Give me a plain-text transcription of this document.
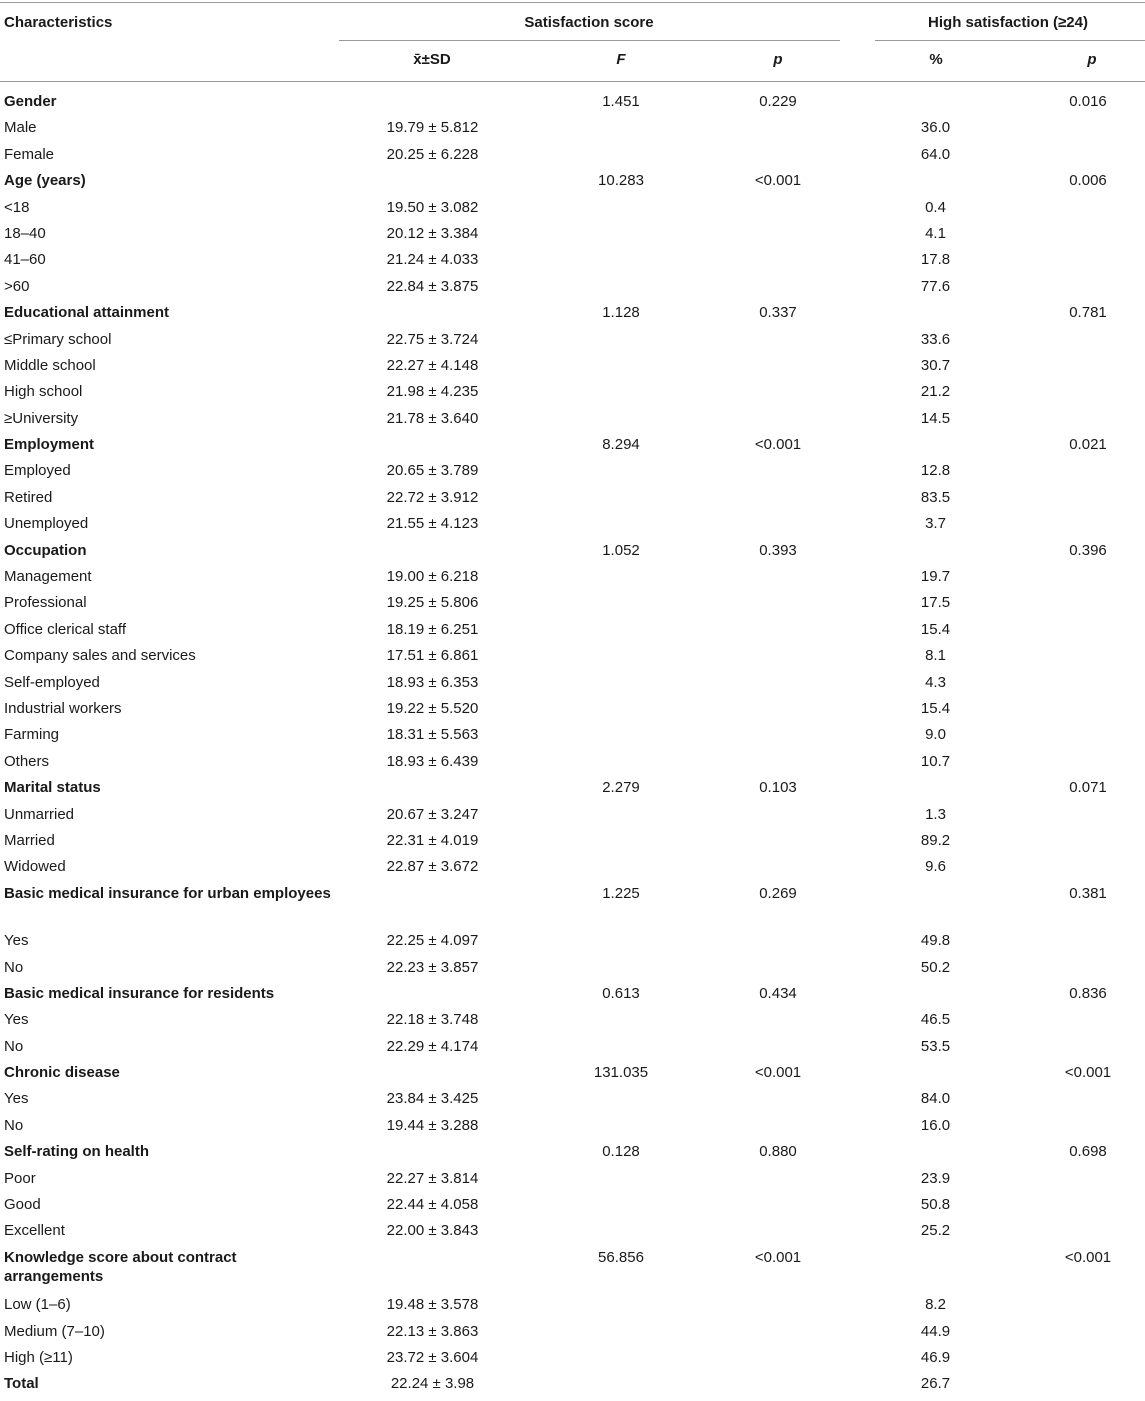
Characteristics	Satisfaction score	High satisfaction (≥24)
x̄±SD	F	p	%	p
Gender		1.451	0.229		0.016
Male	19.79 ± 5.812			36.0	
Female	20.25 ± 6.228			64.0	
Age (years)		10.283	<0.001		0.006
<18	19.50 ± 3.082			0.4	
18–40	20.12 ± 3.384			4.1	
41–60	21.24 ± 4.033			17.8	
>60	22.84 ± 3.875			77.6	
Educational attainment		1.128	0.337		0.781
≤Primary school	22.75 ± 3.724			33.6	
Middle school	22.27 ± 4.148			30.7	
High school	21.98 ± 4.235			21.2	
≥University	21.78 ± 3.640			14.5	
Employment		8.294	<0.001		0.021
Employed	20.65 ± 3.789			12.8	
Retired	22.72 ± 3.912			83.5	
Unemployed	21.55 ± 4.123			3.7	
Occupation		1.052	0.393		0.396
Management	19.00 ± 6.218			19.7	
Professional	19.25 ± 5.806			17.5	
Office clerical staff	18.19 ± 6.251			15.4	
Company sales and services	17.51 ± 6.861			8.1	
Self-employed	18.93 ± 6.353			4.3	
Industrial workers	19.22 ± 5.520			15.4	
Farming	18.31 ± 5.563			9.0	
Others	18.93 ± 6.439			10.7	
Marital status		2.279	0.103		0.071
Unmarried	20.67 ± 3.247			1.3	
Married	22.31 ± 4.019			89.2	
Widowed	22.87 ± 3.672			9.6	
Basic medical insurance for urban employees		1.225	0.269		0.381
Yes	22.25 ± 4.097			49.8	
No	22.23 ± 3.857			50.2	
Basic medical insurance for residents		0.613	0.434		0.836
Yes	22.18 ± 3.748			46.5	
No	22.29 ± 4.174			53.5	
Chronic disease		131.035	<0.001		<0.001
Yes	23.84 ± 3.425			84.0	
No	19.44 ± 3.288			16.0	
Self-rating on health		0.128	0.880		0.698
Poor	22.27 ± 3.814			23.9	
Good	22.44 ± 4.058			50.8	
Excellent	22.00 ± 3.843			25.2	
Knowledge score about contract arrangements		56.856	<0.001		<0.001
Low (1–6)	19.48 ± 3.578			8.2	
Medium (7–10)	22.13 ± 3.863			44.9	
High (≥11)	23.72 ± 3.604			46.9	
Total	22.24 ± 3.98			26.7	
